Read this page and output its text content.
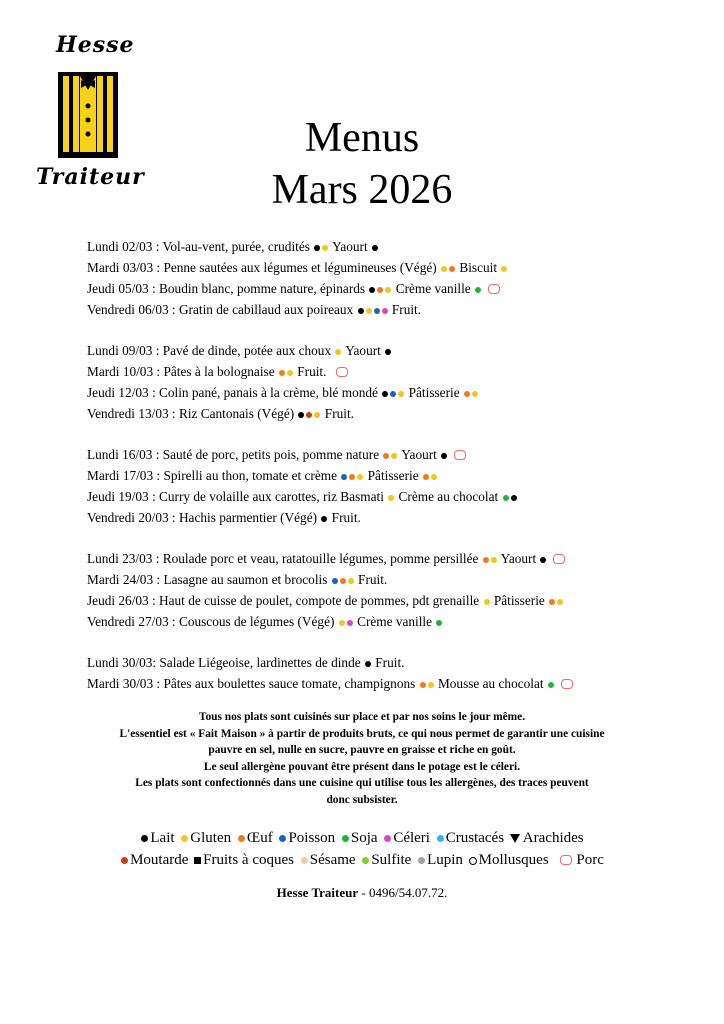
Hesse
Traiteur
Menus
Mars 2026
Lundi 02/03 : Vol-au-vent, purée, crudités  Yaourt
Mardi 03/03 : Penne sautées aux légumes et légumineuses (Végé)  Biscuit
Jeudi 05/03 : Boudin blanc, pomme nature, épinards  Crème vanille
Vendredi 06/03 : Gratin de cabillaud aux poireaux  Fruit.
Lundi 09/03 : Pavé de dinde, potée aux choux  Yaourt
Mardi 10/03 : Pâtes à la bolognaise  Fruit.
Jeudi 12/03 : Colin pané, panais à la crème, blé mondé  Pâtisserie
Vendredi 13/03 : Riz Cantonais (Végé)  Fruit.
Lundi 16/03 : Sauté de porc, petits pois, pomme nature  Yaourt
Mardi 17/03 : Spirelli au thon, tomate et crème  Pâtisserie
Jeudi 19/03 : Curry de volaille aux carottes, riz Basmati  Crème au chocolat
Vendredi 20/03 : Hachis parmentier (Végé)  Fruit.
Lundi 23/03 : Roulade porc et veau, ratatouille légumes, pomme persillée  Yaourt
Mardi 24/03 : Lasagne au saumon et brocolis  Fruit.
Jeudi 26/03 : Haut de cuisse de poulet, compote de pommes, pdt grenaille  Pâtisserie
Vendredi 27/03 : Couscous de légumes (Végé)  Crème vanille
Lundi 30/03: Salade Liégeoise, lardinettes de dinde  Fruit.
Mardi 30/03 : Pâtes aux boulettes sauce tomate, champignons  Mousse au chocolat
Tous nos plats sont cuisinés sur place et par nos soins le jour même.
L'essentiel est « Fait Maison » à partir de produits bruts, ce qui nous permet de garantir une cuisine
pauvre en sel, nulle en sucre, pauvre en graisse et riche en goût.
Le seul allergène pouvant être présent dans le potage est le céleri.
Les plats sont confectionnés dans une cuisine qui utilise tous les allergènes, des traces peuvent
donc subsister.
Lait Gluten Œuf Poisson Soja Céleri Crustacés Arachides
Moutarde Fruits à coques Sésame Sulfite Lupin Mollusques Porc
Hesse Traiteur - 0496/54.07.72.
